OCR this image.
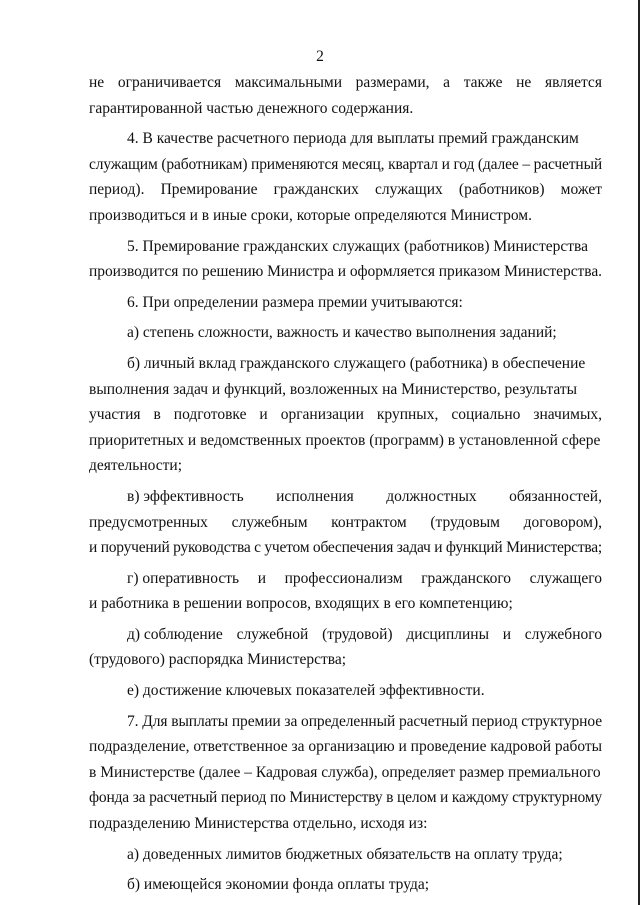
2
не ограничивается максимальными размерами, а также не является
гарантированной частью денежного содержания.
4. В качестве расчетного периода для выплаты премий гражданским
служащим (работникам) применяются месяц, квартал и год (далее – расчетный
период). Премирование гражданских служащих (работников) может
производиться и в иные сроки, которые определяются Министром.
5. Премирование гражданских служащих (работников) Министерства
производится по решению Министра и оформляется приказом Министерства.
6. При определении размера премии учитываются:
а) степень сложности, важность и качество выполнения заданий;
б) личный вклад гражданского служащего (работника) в обеспечение
выполнения задач и функций, возложенных на Министерство, результаты
участия в подготовке и организации крупных, социально значимых,
приоритетных и ведомственных проектов (программ) в установленной сфере
деятельности;
в) эффективность исполнения должностных обязанностей,
предусмотренных служебным контрактом (трудовым договором),
и поручений руководства с учетом обеспечения задач и функций Министерства;
г) оперативность и профессионализм гражданского служащего
и работника в решении вопросов, входящих в его компетенцию;
д) соблюдение служебной (трудовой) дисциплины и служебного
(трудового) распорядка Министерства;
е) достижение ключевых показателей эффективности.
7. Для выплаты премии за определенный расчетный период структурное
подразделение, ответственное за организацию и проведение кадровой работы
в Министерстве (далее – Кадровая служба), определяет размер премиального
фонда за расчетный период по Министерству в целом и каждому структурному
подразделению Министерства отдельно, исходя из:
а) доведенных лимитов бюджетных обязательств на оплату труда;
б) имеющейся экономии фонда оплаты труда;
